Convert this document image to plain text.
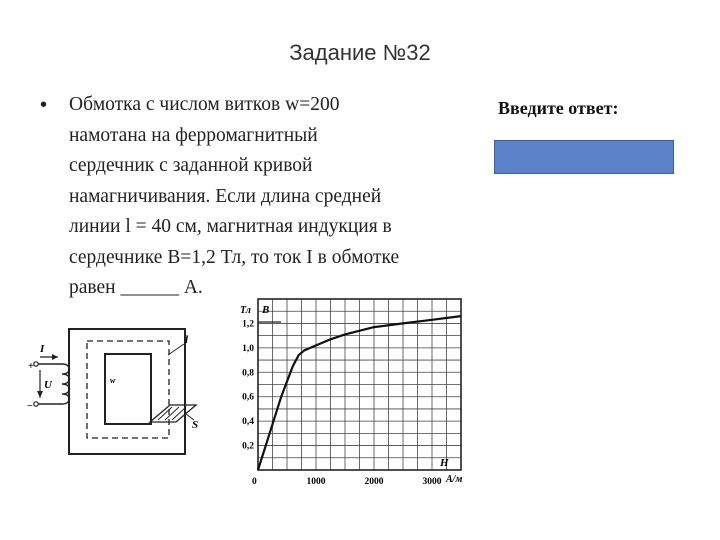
Задание №32
• Обмотка с числом витков w=200
намотана на ферромагнитный
сердечник с заданной кривой
намагничивания. Если длина средней
линии l = 40 см, магнитная индукция в
сердечнике B=1,2 Тл, то ток I в обмотке
равен ______ А.
Введите ответ:
I
+
U
−
w
l
S
0,2
0,4
0,6
0,8
1,0
1,2
0	1000	2000	3000
Тл B
H
А/м
